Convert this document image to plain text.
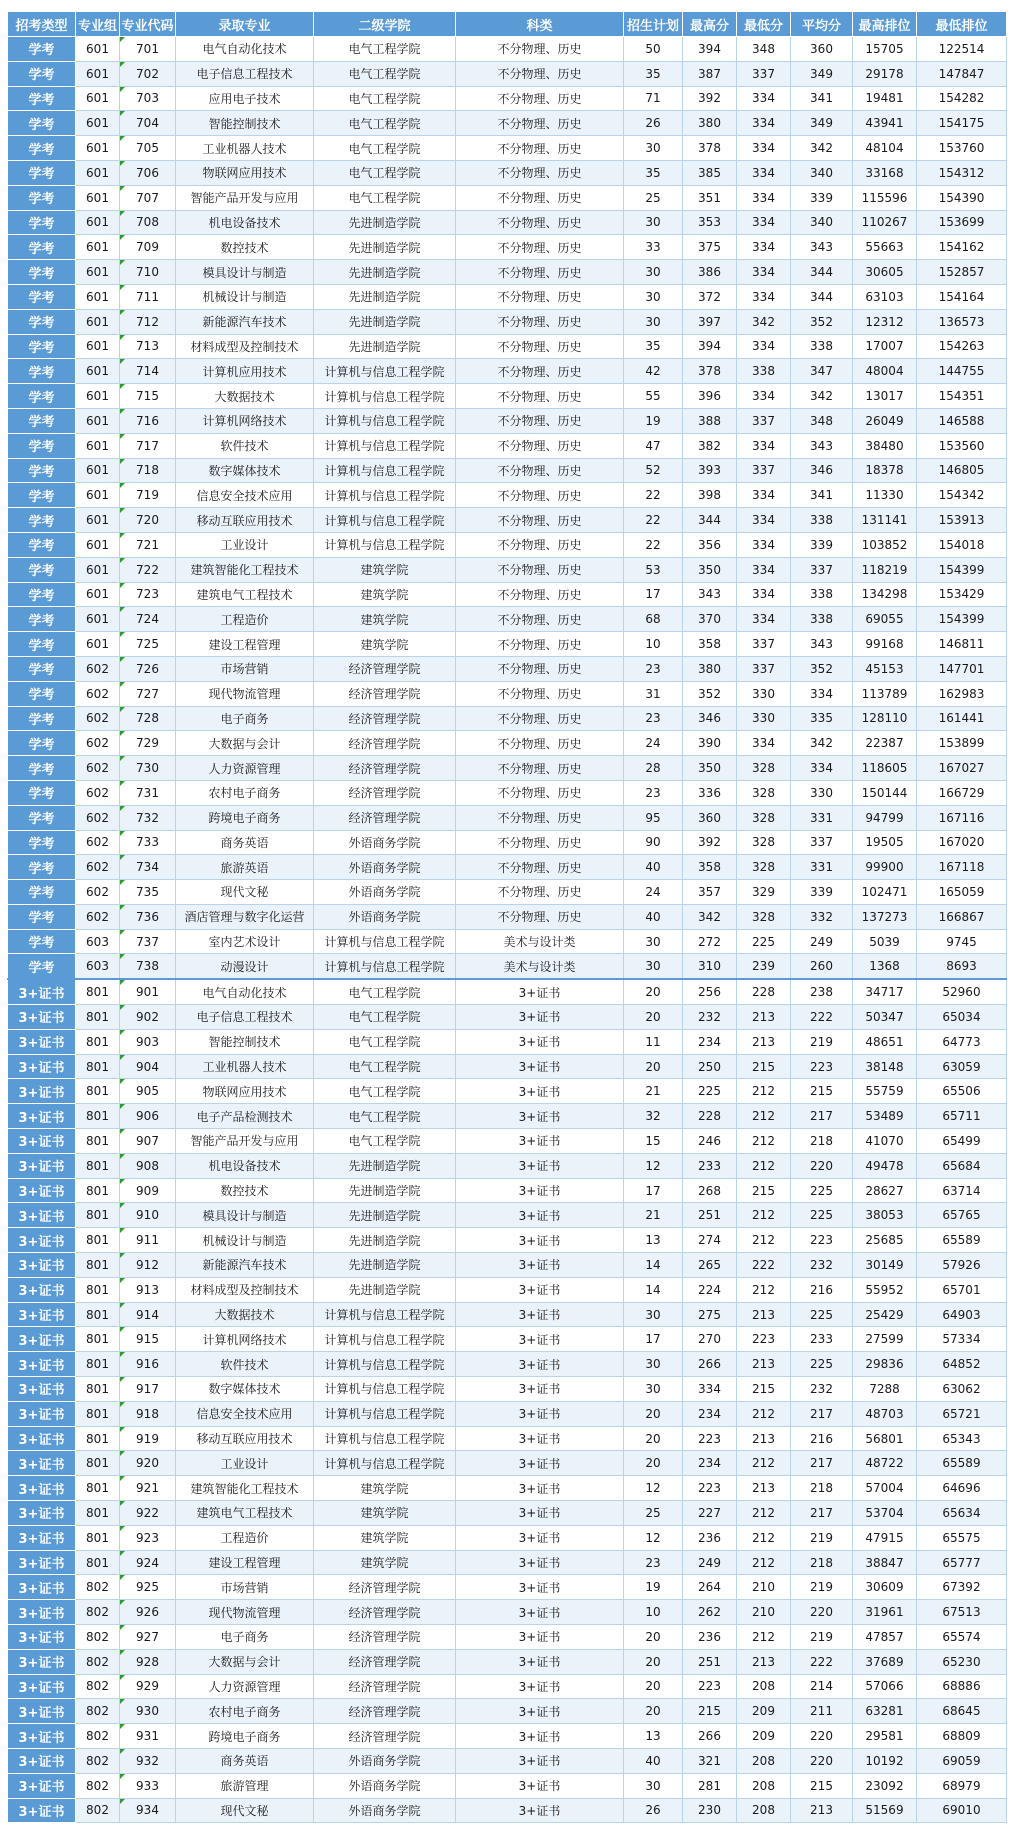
招考类型	专业组	专业代码	录取专业	二级学院	科类	招生计划	最高分	最低分	平均分	最高排位	最低排位
学考	601	701	电气自动化技术	电气工程学院	不分物理、历史	50	394	348	360	15705	122514
学考	601	702	电子信息工程技术	电气工程学院	不分物理、历史	35	387	337	349	29178	147847
学考	601	703	应用电子技术	电气工程学院	不分物理、历史	71	392	334	341	19481	154282
学考	601	704	智能控制技术	电气工程学院	不分物理、历史	26	380	334	349	43941	154175
学考	601	705	工业机器人技术	电气工程学院	不分物理、历史	30	378	334	342	48104	153760
学考	601	706	物联网应用技术	电气工程学院	不分物理、历史	35	385	334	340	33168	154312
学考	601	707	智能产品开发与应用	电气工程学院	不分物理、历史	25	351	334	339	115596	154390
学考	601	708	机电设备技术	先进制造学院	不分物理、历史	30	353	334	340	110267	153699
学考	601	709	数控技术	先进制造学院	不分物理、历史	33	375	334	343	55663	154162
学考	601	710	模具设计与制造	先进制造学院	不分物理、历史	30	386	334	344	30605	152857
学考	601	711	机械设计与制造	先进制造学院	不分物理、历史	30	372	334	344	63103	154164
学考	601	712	新能源汽车技术	先进制造学院	不分物理、历史	30	397	342	352	12312	136573
学考	601	713	材料成型及控制技术	先进制造学院	不分物理、历史	35	394	334	338	17007	154263
学考	601	714	计算机应用技术	计算机与信息工程学院	不分物理、历史	42	378	338	347	48004	144755
学考	601	715	大数据技术	计算机与信息工程学院	不分物理、历史	55	396	334	342	13017	154351
学考	601	716	计算机网络技术	计算机与信息工程学院	不分物理、历史	19	388	337	348	26049	146588
学考	601	717	软件技术	计算机与信息工程学院	不分物理、历史	47	382	334	343	38480	153560
学考	601	718	数字媒体技术	计算机与信息工程学院	不分物理、历史	52	393	337	346	18378	146805
学考	601	719	信息安全技术应用	计算机与信息工程学院	不分物理、历史	22	398	334	341	11330	154342
学考	601	720	移动互联应用技术	计算机与信息工程学院	不分物理、历史	22	344	334	338	131141	153913
学考	601	721	工业设计	计算机与信息工程学院	不分物理、历史	22	356	334	339	103852	154018
学考	601	722	建筑智能化工程技术	建筑学院	不分物理、历史	53	350	334	337	118219	154399
学考	601	723	建筑电气工程技术	建筑学院	不分物理、历史	17	343	334	338	134298	153429
学考	601	724	工程造价	建筑学院	不分物理、历史	68	370	334	338	69055	154399
学考	601	725	建设工程管理	建筑学院	不分物理、历史	10	358	337	343	99168	146811
学考	602	726	市场营销	经济管理学院	不分物理、历史	23	380	337	352	45153	147701
学考	602	727	现代物流管理	经济管理学院	不分物理、历史	31	352	330	334	113789	162983
学考	602	728	电子商务	经济管理学院	不分物理、历史	23	346	330	335	128110	161441
学考	602	729	大数据与会计	经济管理学院	不分物理、历史	24	390	334	342	22387	153899
学考	602	730	人力资源管理	经济管理学院	不分物理、历史	28	350	328	334	118605	167027
学考	602	731	农村电子商务	经济管理学院	不分物理、历史	23	336	328	330	150144	166729
学考	602	732	跨境电子商务	经济管理学院	不分物理、历史	95	360	328	331	94799	167116
学考	602	733	商务英语	外语商务学院	不分物理、历史	90	392	328	337	19505	167020
学考	602	734	旅游英语	外语商务学院	不分物理、历史	40	358	328	331	99900	167118
学考	602	735	现代文秘	外语商务学院	不分物理、历史	24	357	329	339	102471	165059
学考	602	736	酒店管理与数字化运营	外语商务学院	不分物理、历史	40	342	328	332	137273	166867
学考	603	737	室内艺术设计	计算机与信息工程学院	美术与设计类	30	272	225	249	5039	9745
学考	603	738	动漫设计	计算机与信息工程学院	美术与设计类	30	310	239	260	1368	8693
3+证书	801	901	电气自动化技术	电气工程学院	3+证书	20	256	228	238	34717	52960
3+证书	801	902	电子信息工程技术	电气工程学院	3+证书	20	232	213	222	50347	65034
3+证书	801	903	智能控制技术	电气工程学院	3+证书	11	234	213	219	48651	64773
3+证书	801	904	工业机器人技术	电气工程学院	3+证书	20	250	215	223	38148	63059
3+证书	801	905	物联网应用技术	电气工程学院	3+证书	21	225	212	215	55759	65506
3+证书	801	906	电子产品检测技术	电气工程学院	3+证书	32	228	212	217	53489	65711
3+证书	801	907	智能产品开发与应用	电气工程学院	3+证书	15	246	212	218	41070	65499
3+证书	801	908	机电设备技术	先进制造学院	3+证书	12	233	212	220	49478	65684
3+证书	801	909	数控技术	先进制造学院	3+证书	17	268	215	225	28627	63714
3+证书	801	910	模具设计与制造	先进制造学院	3+证书	21	251	212	225	38053	65765
3+证书	801	911	机械设计与制造	先进制造学院	3+证书	13	274	212	223	25685	65589
3+证书	801	912	新能源汽车技术	先进制造学院	3+证书	14	265	222	232	30149	57926
3+证书	801	913	材料成型及控制技术	先进制造学院	3+证书	14	224	212	216	55952	65701
3+证书	801	914	大数据技术	计算机与信息工程学院	3+证书	30	275	213	225	25429	64903
3+证书	801	915	计算机网络技术	计算机与信息工程学院	3+证书	17	270	223	233	27599	57334
3+证书	801	916	软件技术	计算机与信息工程学院	3+证书	30	266	213	225	29836	64852
3+证书	801	917	数字媒体技术	计算机与信息工程学院	3+证书	30	334	215	232	7288	63062
3+证书	801	918	信息安全技术应用	计算机与信息工程学院	3+证书	20	234	212	217	48703	65721
3+证书	801	919	移动互联应用技术	计算机与信息工程学院	3+证书	20	223	213	216	56801	65343
3+证书	801	920	工业设计	计算机与信息工程学院	3+证书	20	234	212	217	48722	65589
3+证书	801	921	建筑智能化工程技术	建筑学院	3+证书	12	223	213	218	57004	64696
3+证书	801	922	建筑电气工程技术	建筑学院	3+证书	25	227	212	217	53704	65634
3+证书	801	923	工程造价	建筑学院	3+证书	12	236	212	219	47915	65575
3+证书	801	924	建设工程管理	建筑学院	3+证书	23	249	212	218	38847	65777
3+证书	802	925	市场营销	经济管理学院	3+证书	19	264	210	219	30609	67392
3+证书	802	926	现代物流管理	经济管理学院	3+证书	10	262	210	220	31961	67513
3+证书	802	927	电子商务	经济管理学院	3+证书	20	236	212	219	47857	65574
3+证书	802	928	大数据与会计	经济管理学院	3+证书	20	251	213	222	37689	65230
3+证书	802	929	人力资源管理	经济管理学院	3+证书	20	223	208	214	57066	68886
3+证书	802	930	农村电子商务	经济管理学院	3+证书	20	215	209	211	63281	68645
3+证书	802	931	跨境电子商务	经济管理学院	3+证书	13	266	209	220	29581	68809
3+证书	802	932	商务英语	外语商务学院	3+证书	40	321	208	220	10192	69059
3+证书	802	933	旅游管理	外语商务学院	3+证书	30	281	208	215	23092	68979
3+证书	802	934	现代文秘	外语商务学院	3+证书	26	230	208	213	51569	69010
